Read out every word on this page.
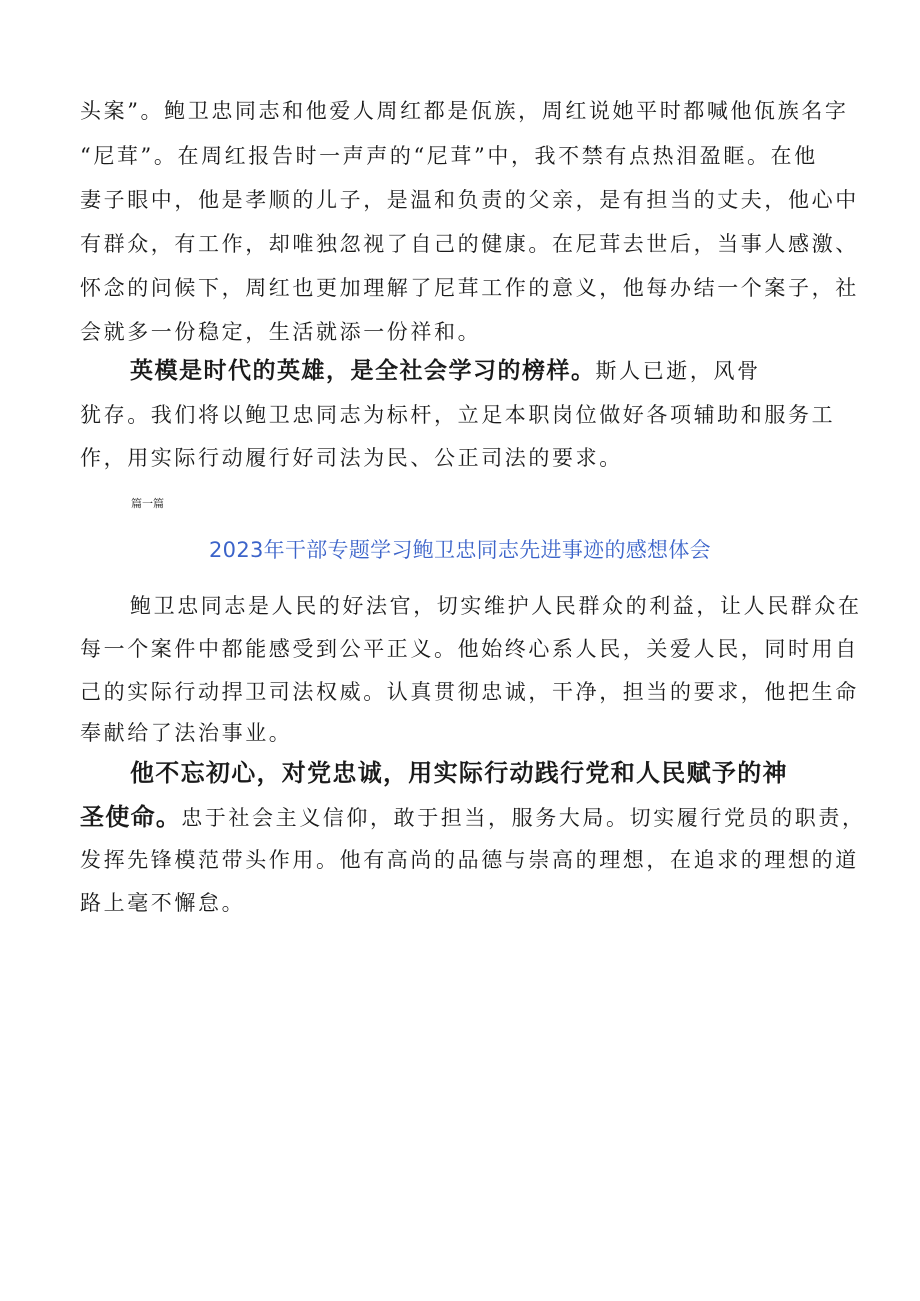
头案”。鲍卫忠同志和他爱人周红都是佤族，周红说她平时都喊他佤族名字
“尼茸”。在周红报告时一声声的“尼茸”中，我不禁有点热泪盈眶。在他
妻子眼中，他是孝顺的儿子，是温和负责的父亲，是有担当的丈夫，他心中
有群众，有工作，却唯独忽视了自己的健康。在尼茸去世后，当事人感激、
怀念的问候下，周红也更加理解了尼茸工作的意义，他每办结一个案子，社
会就多一份稳定，生活就添一份祥和。
英模是时代的英雄，是全社会学习的榜样。斯人已逝，风骨
犹存。我们将以鲍卫忠同志为标杆，立足本职岗位做好各项辅助和服务工
作，用实际行动履行好司法为民、公正司法的要求。
篇一篇
2023年干部专题学习鲍卫忠同志先进事迹的感想体会
鲍卫忠同志是人民的好法官，切实维护人民群众的利益，让人民群众在
每一个案件中都能感受到公平正义。他始终心系人民，关爱人民，同时用自
己的实际行动捍卫司法权威。认真贯彻忠诚，干净，担当的要求，他把生命
奉献给了法治事业。
他不忘初心，对党忠诚，用实际行动践行党和人民赋予的神
圣使命。忠于社会主义信仰，敢于担当，服务大局。切实履行党员的职责，
发挥先锋模范带头作用。他有高尚的品德与崇高的理想，在追求的理想的道
路上毫不懈怠。
